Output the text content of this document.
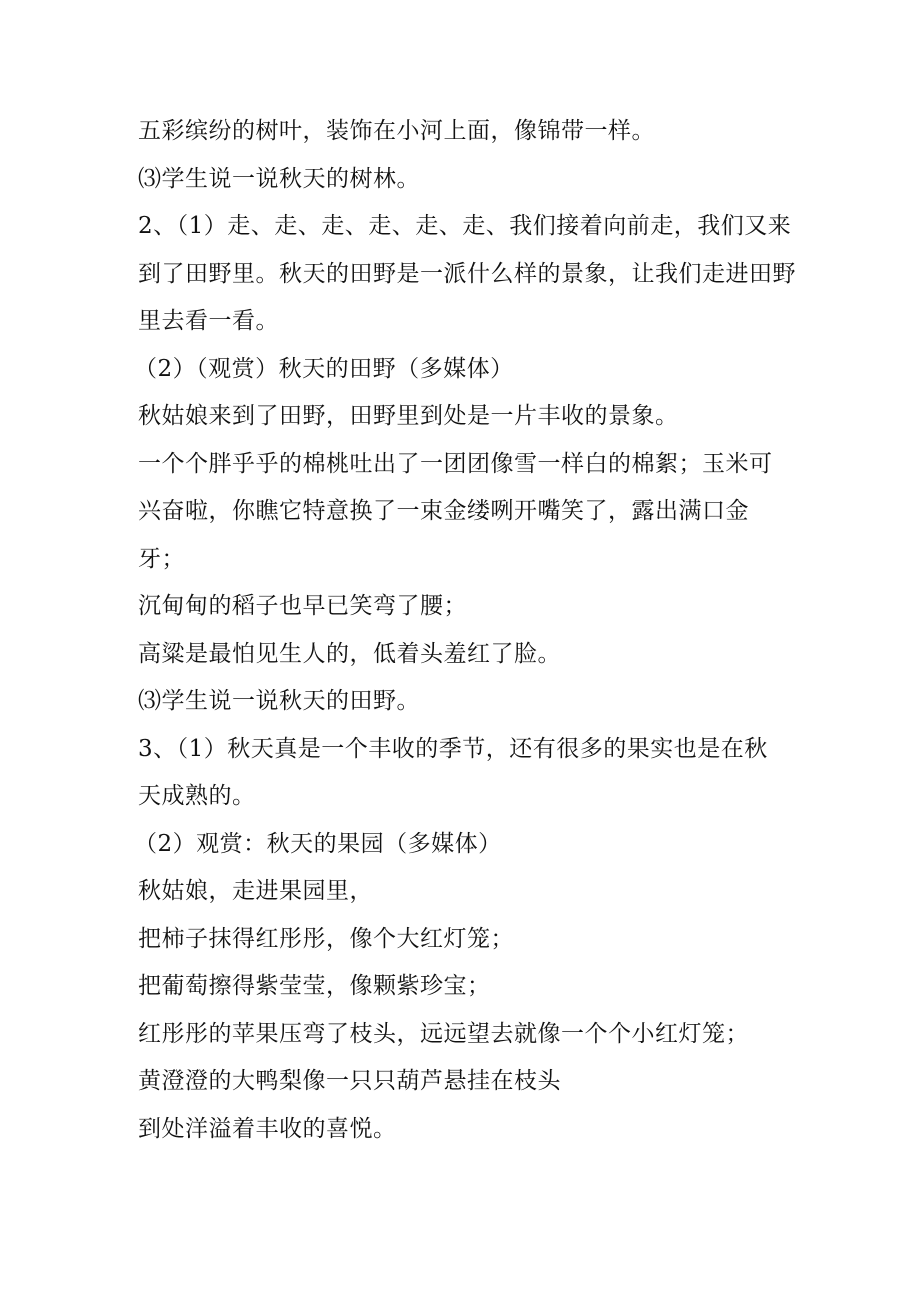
五彩缤纷的树叶，装饰在小河上面，像锦带一样。
⑶学生说一说秋天的树林。
2、（1）走、走、走、走、走、走、我们接着向前走，我们又来
到了田野里。秋天的田野是一派什么样的景象，让我们走进田野
里去看一看。
（2）（观赏）秋天的田野（多媒体）
秋姑娘来到了田野，田野里到处是一片丰收的景象。
一个个胖乎乎的棉桃吐出了一团团像雪一样白的棉絮；玉米可
兴奋啦，你瞧它特意换了一束金缕咧开嘴笑了，露出满口金
牙；
沉甸甸的稻子也早已笑弯了腰；
高粱是最怕见生人的，低着头羞红了脸。
⑶学生说一说秋天的田野。
3、（1）秋天真是一个丰收的季节，还有很多的果实也是在秋
天成熟的。
（2）观赏：秋天的果园（多媒体）
秋姑娘，走进果园里，
把柿子抹得红彤彤，像个大红灯笼；
把葡萄擦得紫莹莹，像颗紫珍宝；
红彤彤的苹果压弯了枝头，远远望去就像一个个小红灯笼；
黄澄澄的大鸭梨像一只只葫芦悬挂在枝头
到处洋溢着丰收的喜悦。
